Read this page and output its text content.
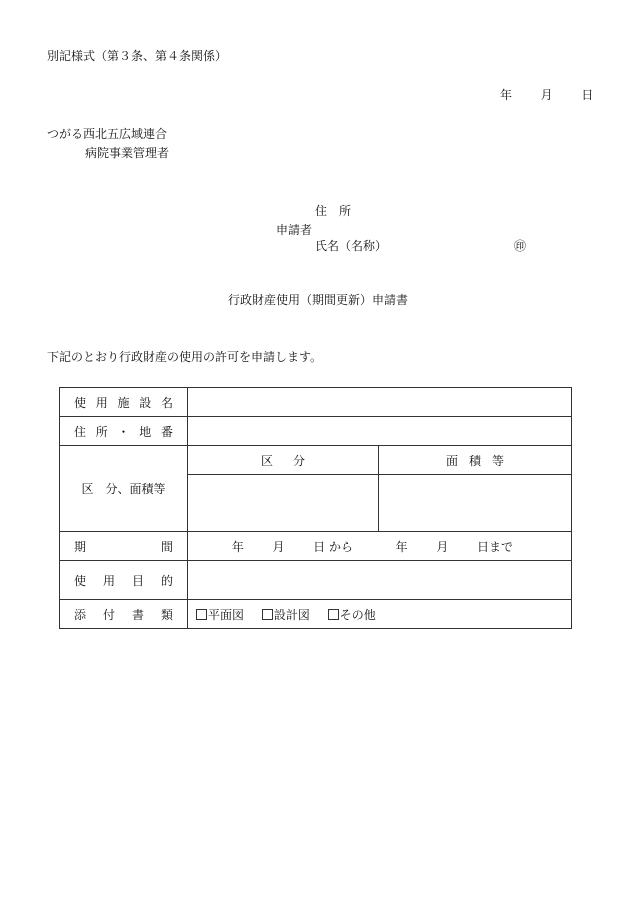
別記様式（第３条、第４条関係）
年 月 日
つがる西北五広域連合
病院事業管理者
住　所
申請者
氏名（名称）	㊞
行政財産使用（期間更新）申請書
下記のとおり行政財産の使用の許可を申請します。
使 用 施 設 名		

住 所 ・ 地 番		

区　分、面積等	区 分	面 積 等

期 間	年 月 日 から 年 月 日まで	

使 用 目 的		

添 付 書 類	平面図 設計図 その他	
